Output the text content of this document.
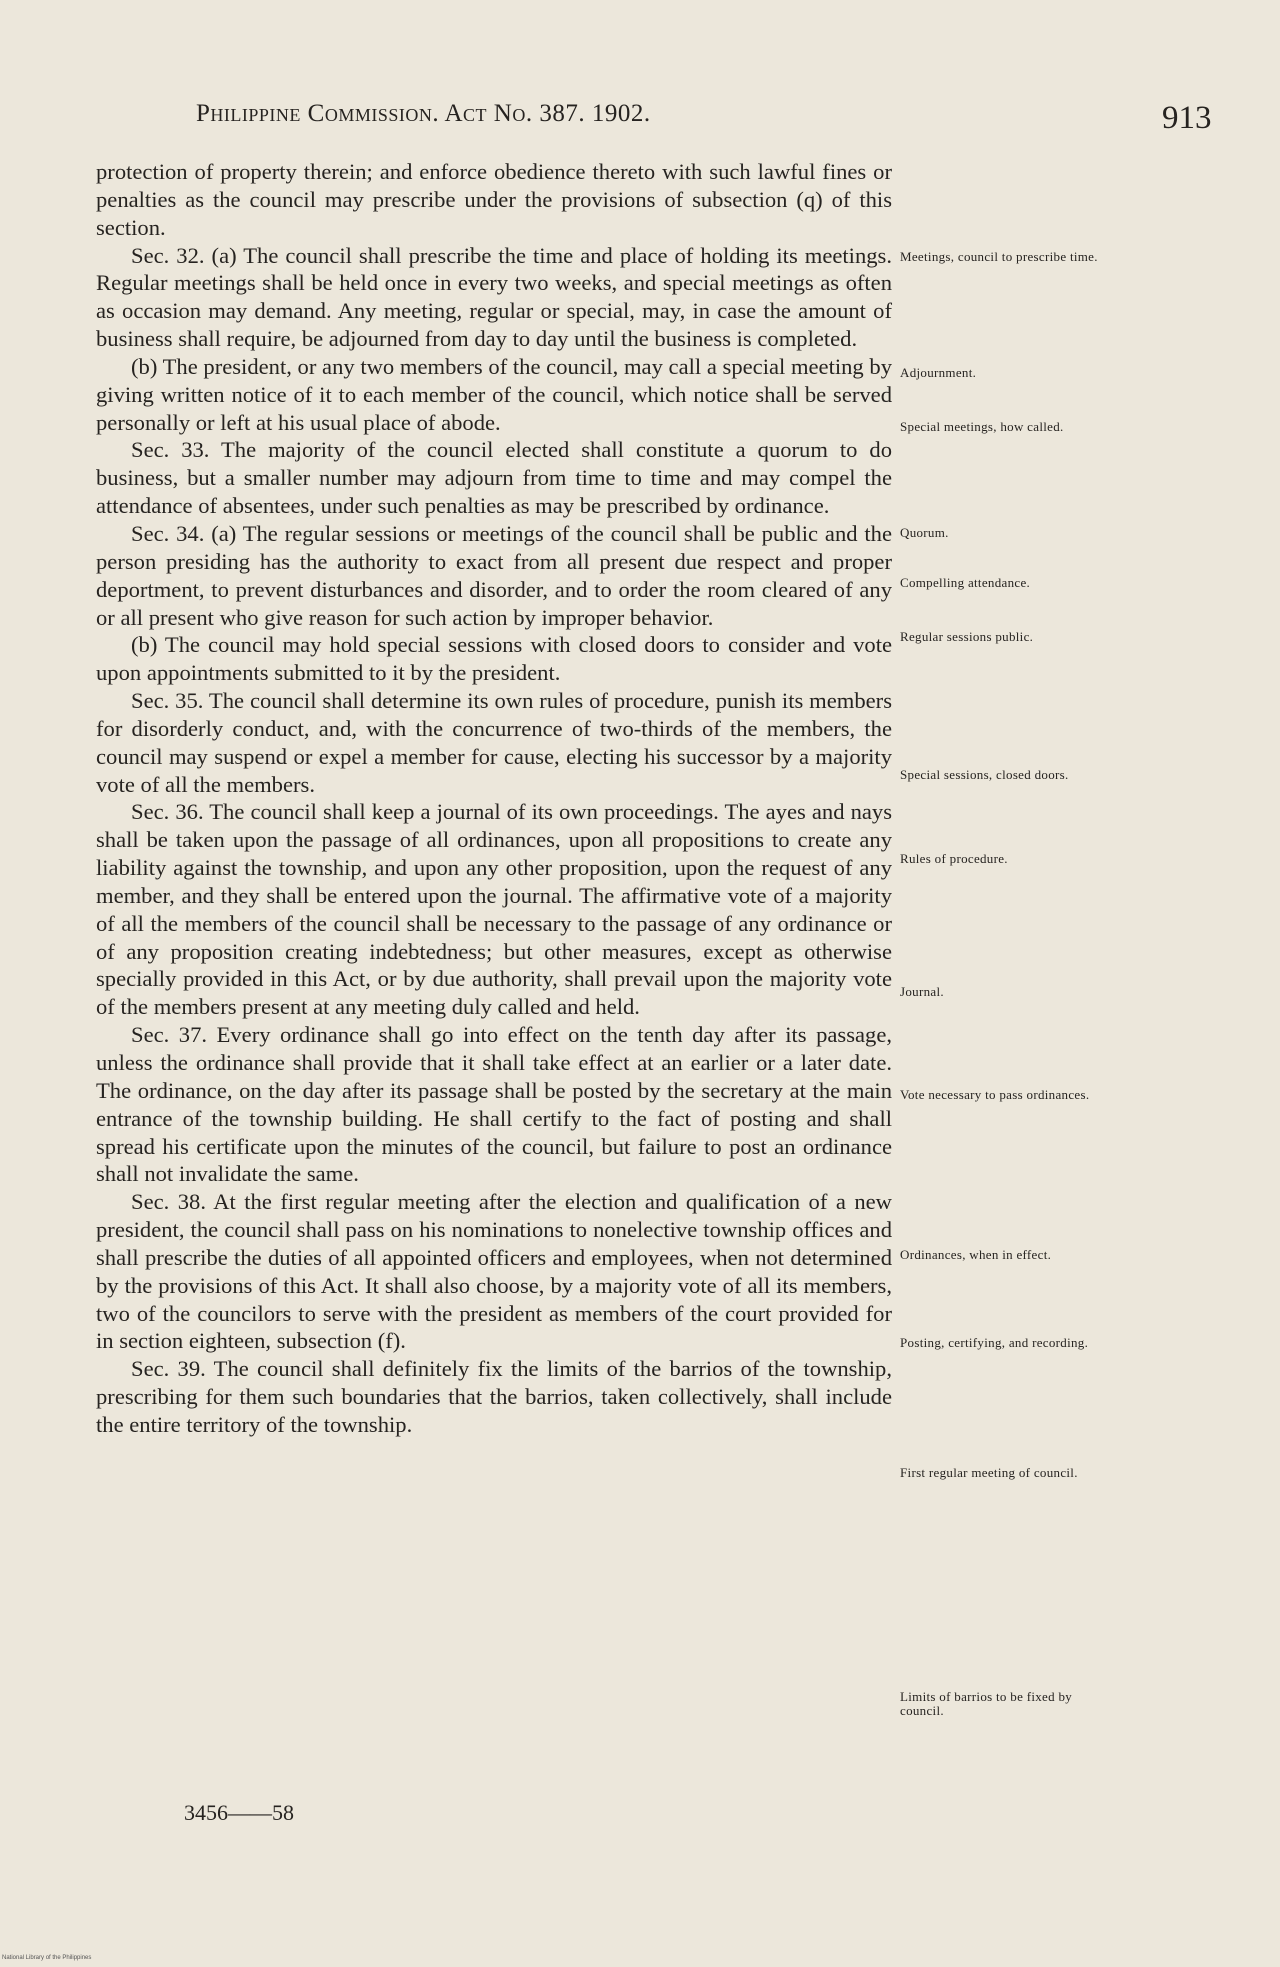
Philippine Commission. Act No. 387. 1902.	913

protection of property therein; and enforce obedience thereto with such lawful fines or penalties as the council may prescribe under the provisions of subsection (q) of this section.

Sec. 32. (a) The council shall prescribe the time and place of holding its meetings. Regular meetings shall be held once in every two weeks, and special meetings as often as occasion may demand. Any meeting, regular or special, may, in case the amount of business shall require, be adjourned from day to day until the business is completed.

(b) The president, or any two members of the council, may call a special meeting by giving written notice of it to each member of the council, which notice shall be served personally or left at his usual place of abode.

Sec. 33. The majority of the council elected shall constitute a quorum to do business, but a smaller number may adjourn from time to time and may compel the attendance of absentees, under such penalties as may be prescribed by ordinance.

Sec. 34. (a) The regular sessions or meetings of the council shall be public and the person presiding has the authority to exact from all present due respect and proper deportment, to prevent disturbances and disorder, and to order the room cleared of any or all present who give reason for such action by improper behavior.

(b) The council may hold special sessions with closed doors to consider and vote upon appointments submitted to it by the president.

Sec. 35. The council shall determine its own rules of procedure, punish its members for disorderly conduct, and, with the concurrence of two-thirds of the members, the council may suspend or expel a member for cause, electing his successor by a majority vote of all the members.

Sec. 36. The council shall keep a journal of its own proceedings. The ayes and nays shall be taken upon the passage of all ordinances, upon all propositions to create any liability against the township, and upon any other proposition, upon the request of any member, and they shall be entered upon the journal. The affirmative vote of a majority of all the members of the council shall be necessary to the passage of any ordinance or of any proposition creating indebtedness; but other measures, except as otherwise specially provided in this Act, or by due authority, shall prevail upon the majority vote of the members present at any meeting duly called and held.

Sec. 37. Every ordinance shall go into effect on the tenth day after its passage, unless the ordinance shall provide that it shall take effect at an earlier or a later date. The ordinance, on the day after its passage shall be posted by the secretary at the main entrance of the township building. He shall certify to the fact of posting and shall spread his certificate upon the minutes of the council, but failure to post an ordinance shall not invalidate the same.

Sec. 38. At the first regular meeting after the election and qualification of a new president, the council shall pass on his nominations to nonelective township offices and shall prescribe the duties of all appointed officers and employees, when not determined by the provisions of this Act. It shall also choose, by a majority vote of all its members, two of the councilors to serve with the president as members of the court provided for in section eighteen, subsection (f).

Sec. 39. The council shall definitely fix the limits of the barrios of the township, prescribing for them such boundaries that the barrios, taken collectively, shall include the entire territory of the township.

Meetings, council to prescribe time.
Adjournment.
Special meetings, how called.
Quorum.
Compelling attendance.
Regular sessions public.
Special sessions, closed doors.
Rules of procedure.
Journal.
Vote necessary to pass ordinances.
Ordinances, when in effect.
Posting, certifying, and recording.
First regular meeting of council.
Limits of barrios to be fixed by council.
3456——58
National Library of the Philippines
